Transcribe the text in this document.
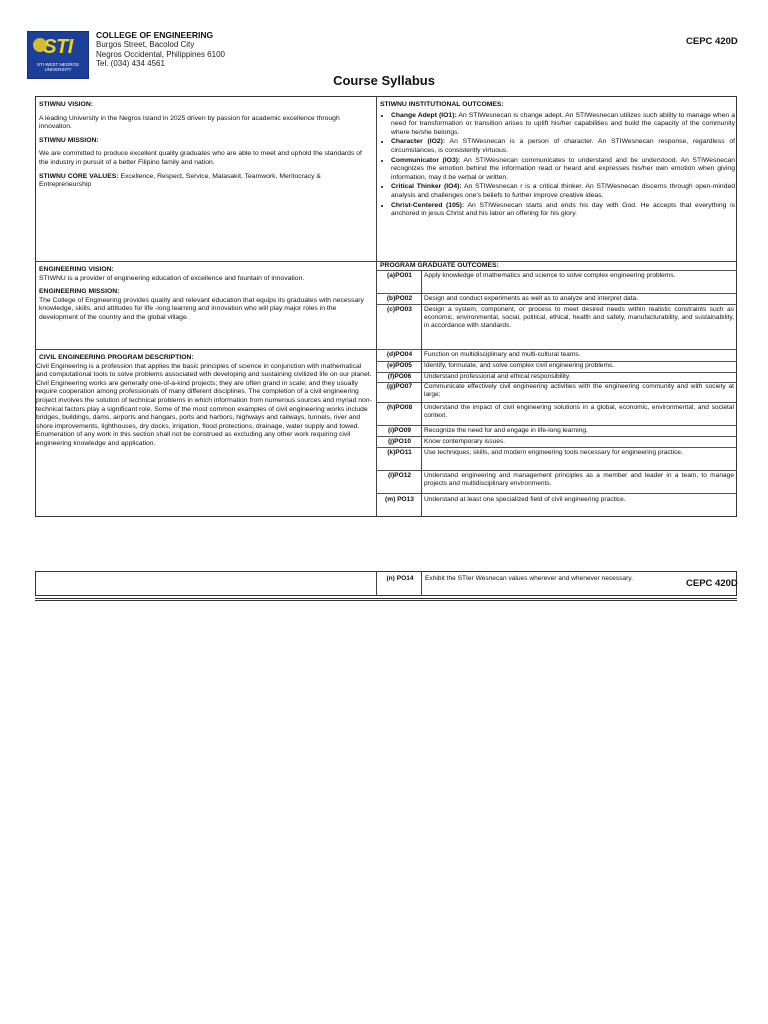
STI
STI WEST NEGROS UNIVERSITY
COLLEGE OF ENGINEERING
Burgos Street, Bacolod City
Negros Occidental, Philippines 6100
Tel. (034) 434 4561
CEPC 420D
Course Syllabus

STIWNU VISION:

A leading University in the Negros Island in 2025 driven by passion for academic excellence through innovation.

STIWNU MISSION:

We are committed to produce excellent quality graduates who are able to meet and uphold the standards of the industry in pursuit of a better Filipino family and nation.

STIWNU CORE VALUES: Excellence, Respect, Service, Malasakit, Teamwork, Meritocracy & Entrepreneurship

ENGINEERING VISION:

STIWNU is a provider of engineering education of excellence and fountain of innovation.

ENGINEERING MISSION:
The College of Engineering provides quality and relevant education that equips its graduates with necessary knowledge, skills, and attitudes for life -long learning and innovation who will play major roles in the development of the country and the global village.
CIVIL ENGINEERING PROGRAM DESCRIPTION:
Civil Engineering is a profession that applies the basic principles of science in conjunction with mathematical and computational tools to solve problems associated with developing and sustaining civilized life on our planet. Civil Engineering works are generally one-of-a-kind projects; they are often grand in scale; and they usually require cooperation among professionals of many different disciplines. The completion of a civil engineering project involves the solution of technical problems in which information from numerous sources and myriad non- technical factors play a significant role. Some of the most common examples of civil engineering works include bridges, buildings, dams, airports and hangars, ports and harbors, highways and railways, tunnels, river and shore improvements, lighthouses, dry docks, irrigation, flood protections, drainage, water supply and towed. Enumeration of any work in this section shall not be construed as excluding any other work requiring civil engineering knowledge and application.
STIWNU INSTITUTIONAL OUTCOMES:
• Change Adept (IO1): An STIWesnecan is change adept. An STIWesnecan utilizes such ability to manage when a need for transformation or transition arises to uplift his/her capabilities and build the capacity of the community where he/she belongs.
• Character (IO2): An STIWesnecan is a person of character. An STIWesnecan response, regardless of circumstances, is consistently virtuous.
• Communicator (IO3): An STIWesnecan communicates to understand and be understood. An STIWesnecan recognizes the emotion behind the information read or heard and expresses his/her own emotion when giving information, may it be verbal or written.
• Critical Thinker (IO4): An STIWesnecan r is a critical thinker. An STIWesnecan discerns through open-minded analysis and challenges one's beliefs to further improve creative ideas.
• Christ-Centered (105): An STIWesnecan starts and ends his day with God. He accepts that everything is anchored in jesus Christ and his labor an offering for his glory.
PROGRAM GRADUATE OUTCOMES:
(a)PO01	Apply knowledge of mathematics and science to solve complex engineering problems.
(b)PO02	Design and conduct experiments as well as to analyze and interpret data.
(c)PO03	Design a system, component, or process to meet desired needs within realistic constraints such as economic, environmental, social, political, ethical, health and safety, manufacturability, and sustainability, in accordance with standards.
(d)PO04	Function on multidisciplinary and multi-cultural teams.
(e)PO05	Identify, formulate, and solve complex civil engineering problems.
(f)PO06	Understand professional and ethical responsibility.
(g)PO07	Communicate effectively civil engineering activities with the engineering community and with society at large;
(h)PO08	Understand the impact of civil engineering solutions in a global, economic, environmental, and societal context.
(i)PO09	Recognize the need for and engage in life-long learning.
(j)PO10	Know contemporary issues.
(k)PO11	Use techniques, skills, and modern engineering tools necessary for engineering practice.
(l)PO12	Understand engineering and management principles as a member and leader in a team, to manage projects and multidisciplinary environments.
(m) PO13	Understand at least one specialized field of civil engineering practice.
(n) PO14	Exhibit the STIer Wesnecan values wherever and whenever necessary.	CEPC 420D
